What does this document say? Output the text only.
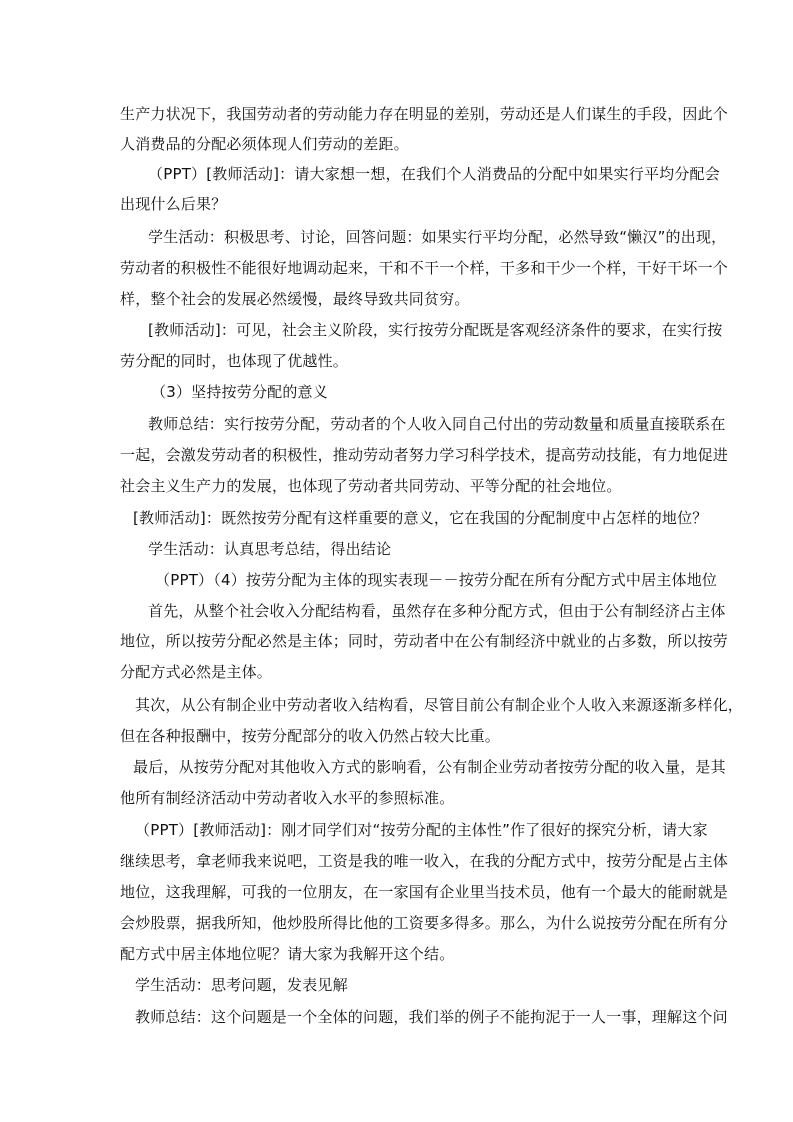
生产力状况下，我国劳动者的劳动能力存在明显的差别，劳动还是人们谋生的手段，因此个
人消费品的分配必须体现人们劳动的差距。
（PPT）[教师活动]：请大家想一想，在我们个人消费品的分配中如果实行平均分配会
出现什么后果？
学生活动：积极思考、讨论，回答问题：如果实行平均分配，必然导致“懒汉”的出现，
劳动者的积极性不能很好地调动起来，干和不干一个样，干多和干少一个样，干好干坏一个
样，整个社会的发展必然缓慢，最终导致共同贫穷。
[教师活动]：可见，社会主义阶段，实行按劳分配既是客观经济条件的要求，在实行按
劳分配的同时，也体现了优越性。
（3）坚持按劳分配的意义
教师总结：实行按劳分配，劳动者的个人收入同自己付出的劳动数量和质量直接联系在
一起，会激发劳动者的积极性，推动劳动者努力学习科学技术，提高劳动技能，有力地促进
社会主义生产力的发展，也体现了劳动者共同劳动、平等分配的社会地位。
[教师活动]：既然按劳分配有这样重要的意义，它在我国的分配制度中占怎样的地位？
学生活动：认真思考总结，得出结论
（PPT）（4）按劳分配为主体的现实表现－－按劳分配在所有分配方式中居主体地位
首先，从整个社会收入分配结构看，虽然存在多种分配方式，但由于公有制经济占主体
地位，所以按劳分配必然是主体；同时，劳动者中在公有制经济中就业的占多数，所以按劳
分配方式必然是主体。
其次，从公有制企业中劳动者收入结构看，尽管目前公有制企业个人收入来源逐渐多样化，
但在各种报酬中，按劳分配部分的收入仍然占较大比重。
最后，从按劳分配对其他收入方式的影响看，公有制企业劳动者按劳分配的收入量，是其
他所有制经济活动中劳动者收入水平的参照标准。
（PPT）[教师活动]：刚才同学们对“按劳分配的主体性”作了很好的探究分析，请大家
继续思考，拿老师我来说吧，工资是我的唯一收入，在我的分配方式中，按劳分配是占主体
地位，这我理解，可我的一位朋友，在一家国有企业里当技术员，他有一个最大的能耐就是
会炒股票，据我所知，他炒股所得比他的工资要多得多。那么，为什么说按劳分配在所有分
配方式中居主体地位呢？请大家为我解开这个结。
学生活动：思考问题，发表见解
教师总结：这个问题是一个全体的问题，我们举的例子不能拘泥于一人一事，理解这个问
